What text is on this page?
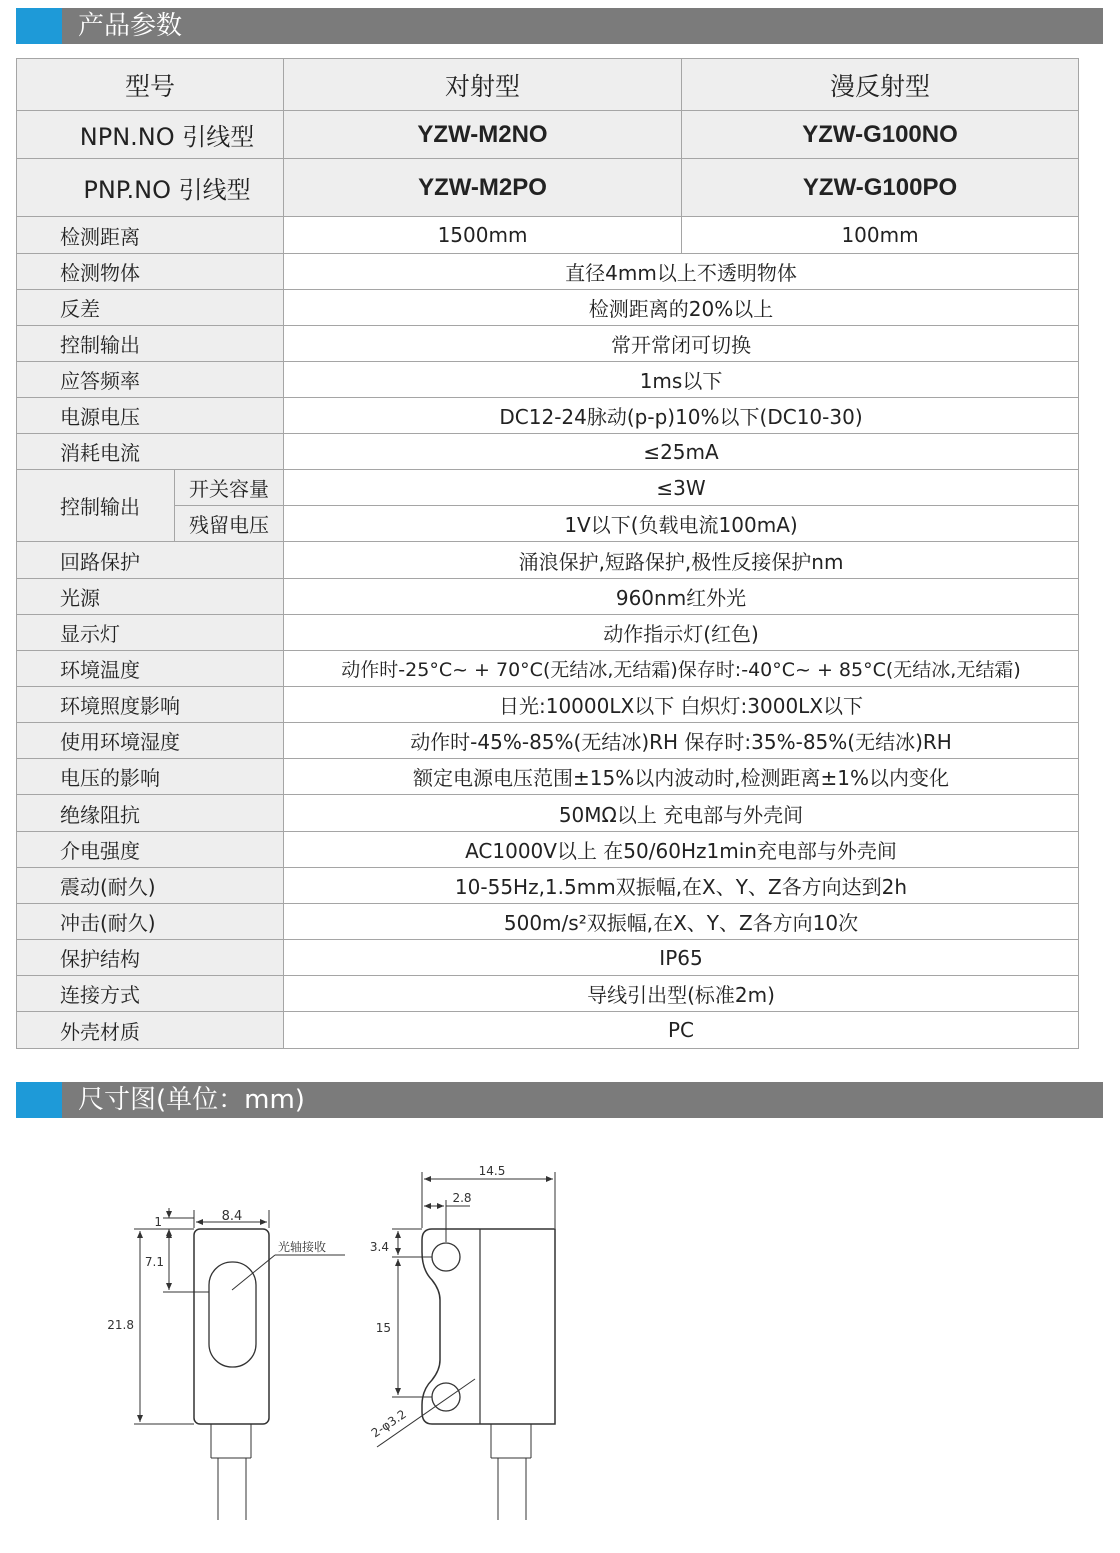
产品参数
型号		对射型	漫反射型
NPN.NO 引线型		YZW-M2NO	YZW-G100NO
PNP.NO 引线型		YZW-M2PO	YZW-G100PO
检测距离		1500mm	100mm
检测物体		直径4mm以上不透明物体	
反差		检测距离的20%以上	
控制输出		常开常闭可切换	
应答频率		1ms以下	
电源电压		DC12-24脉动(p-p)10%以下(DC10-30)	
消耗电流		≤25mA	
控制输出	开关容量	≤3W	
	残留电压	1V以下(负载电流100mA)	
回路保护		涌浪保护,短路保护,极性反接保护nm	
光源		960nm红外光	
显示灯		动作指示灯(红色)	
环境温度		动作时-25°C~ + 70°C(无结冰,无结霜)保存时:-40°C~ + 85°C(无结冰,无结霜)	
环境照度影响		日光:10000LX以下 白炽灯:3000LX以下	
使用环境湿度		动作时-45%-85%(无结冰)RH 保存时:35%-85%(无结冰)RH	
电压的影响		额定电源电压范围±15%以内波动时,检测距离±1%以内变化	
绝缘阻抗		50MΩ以上 充电部与外壳间	
介电强度		AC1000V以上 在50/60Hz1min充电部与外壳间	
震动(耐久)		10-55Hz,1.5mm双振幅,在X、Y、Z各方向达到2h	
冲击(耐久)		500m/s²双振幅,在X、Y、Z各方向10次	
保护结构		IP65	
连接方式		导线引出型(标准2m)	
外壳材质		PC	
尺寸图(单位：mm)
8.4
1
7.1
21.8
光轴接收
14.5
2.8
3.4
15
2-φ3.2
